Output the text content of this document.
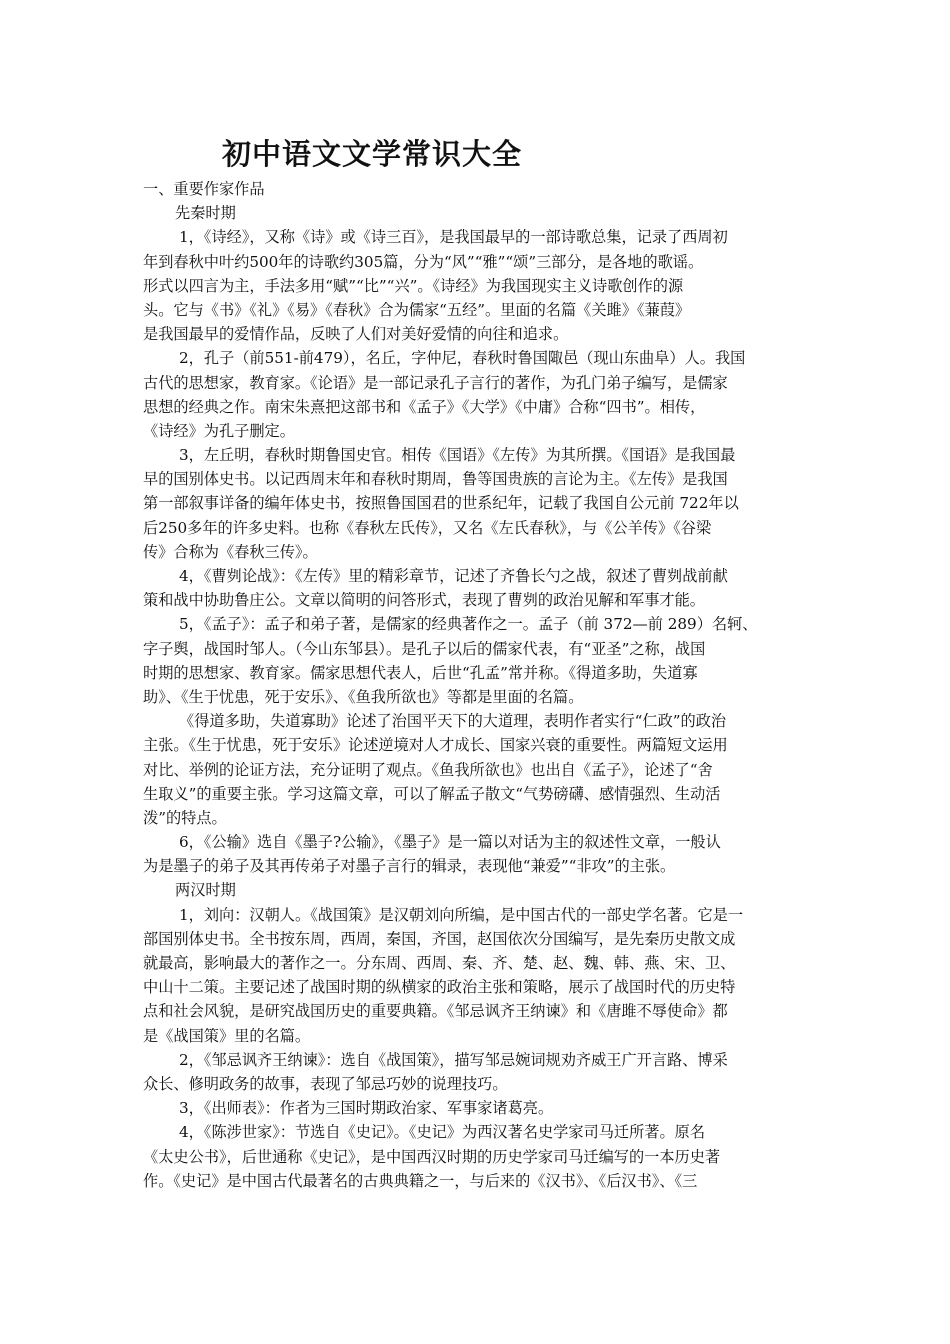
初中语文文学常识大全
一、重要作家作品
先秦时期
1，《诗经》，又称《诗》或《诗三百》，是我国最早的一部诗歌总集，记录了西周初
年到春秋中叶约500年的诗歌约305篇，分为“风”“雅”“颂”三部分，是各地的歌谣。
形式以四言为主，手法多用“赋”“比”“兴”。《诗经》为我国现实主义诗歌创作的源
头。它与《书》《礼》《易》《春秋》合为儒家“五经”。里面的名篇《关雎》《蒹葭》
是我国最早的爱情作品，反映了人们对美好爱情的向往和追求。
2，孔子（前551-前479），名丘，字仲尼，春秋时鲁国陬邑（现山东曲阜）人。我国
古代的思想家，教育家。《论语》是一部记录孔子言行的著作，为孔门弟子编写，是儒家
思想的经典之作。南宋朱熹把这部书和《孟子》《大学》《中庸》合称“四书”。相传，
《诗经》为孔子删定。
3，左丘明，春秋时期鲁国史官。相传《国语》《左传》为其所撰。《国语》是我国最
早的国别体史书。以记西周末年和春秋时期周，鲁等国贵族的言论为主。《左传》是我国
第一部叙事详备的编年体史书，按照鲁国国君的世系纪年，记载了我国自公元前 722年以
后250多年的许多史料。也称《春秋左氏传》，又名《左氏春秋》，与《公羊传》《谷梁
传》合称为《春秋三传》。
4，《曹刿论战》：《左传》里的精彩章节，记述了齐鲁长勺之战，叙述了曹刿战前献
策和战中协助鲁庄公。文章以简明的问答形式，表现了曹刿的政治见解和军事才能。
5，《孟子》：孟子和弟子著，是儒家的经典著作之一。孟子（前 372—前 289）名轲、
字子舆，战国时邹人。（今山东邹县）。是孔子以后的儒家代表，有“亚圣”之称，战国
时期的思想家、教育家。儒家思想代表人，后世“孔孟”常并称。《得道多助，失道寡
助》、《生于忧患，死于安乐》、《鱼我所欲也》等都是里面的名篇。
《得道多助，失道寡助》论述了治国平天下的大道理，表明作者实行“仁政”的政治
主张。《生于忧患，死于安乐》论述逆境对人才成长、国家兴衰的重要性。两篇短文运用
对比、举例的论证方法，充分证明了观点。《鱼我所欲也》也出自《孟子》，论述了“舍
生取义”的重要主张。学习这篇文章，可以了解孟子散文“气势磅礴、感情强烈、生动活
泼”的特点。
6，《公输》选自《墨子?公输》，《墨子》是一篇以对话为主的叙述性文章，一般认
为是墨子的弟子及其再传弟子对墨子言行的辑录，表现他“兼爱”“非攻”的主张。
两汉时期
1，刘向：汉朝人。《战国策》是汉朝刘向所编，是中国古代的一部史学名著。它是一
部国别体史书。全书按东周，西周，秦国，齐国，赵国依次分国编写，是先秦历史散文成
就最高，影响最大的著作之一。分东周、西周、秦、齐、楚、赵、魏、韩、燕、宋、卫、
中山十二策。主要记述了战国时期的纵横家的政治主张和策略，展示了战国时代的历史特
点和社会风貌，是研究战国历史的重要典籍。《邹忌讽齐王纳谏》和《唐雎不辱使命》都
是《战国策》里的名篇。
2，《邹忌讽齐王纳谏》：选自《战国策》，描写邹忌婉词规劝齐威王广开言路、博采
众长、修明政务的故事，表现了邹忌巧妙的说理技巧。
3，《出师表》：作者为三国时期政治家、军事家诸葛亮。
4，《陈涉世家》：节选自《史记》。《史记》为西汉著名史学家司马迁所著。原名
《太史公书》，后世通称《史记》，是中国西汉时期的历史学家司马迁编写的一本历史著
作。《史记》是中国古代最著名的古典典籍之一，与后来的《汉书》、《后汉书》、《三
